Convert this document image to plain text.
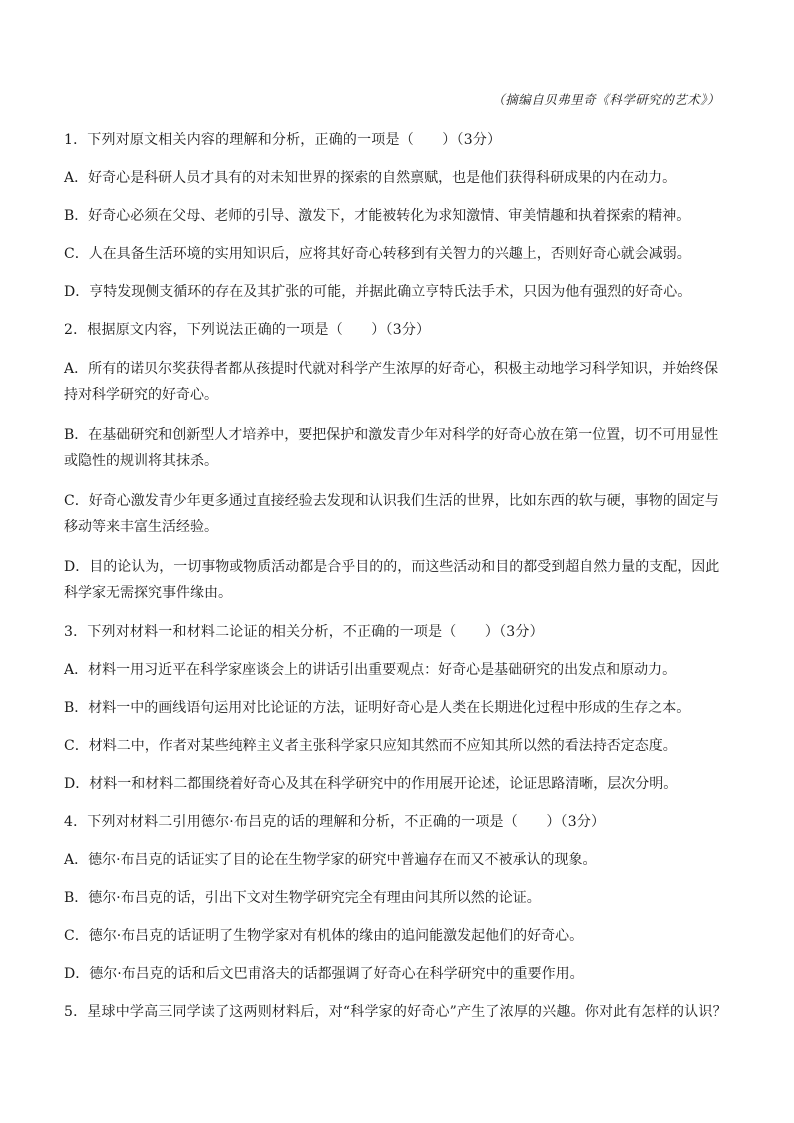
（摘编自贝弗里奇《科学研究的艺术》）
1．下列对原文相关内容的理解和分析，正确的一项是（　　）（3分）
A．好奇心是科研人员才具有的对未知世界的探索的自然禀赋，也是他们获得科研成果的内在动力。
B．好奇心必须在父母、老师的引导、激发下，才能被转化为求知激情、审美情趣和执着探索的精神。
C．人在具备生活环境的实用知识后，应将其好奇心转移到有关智力的兴趣上，否则好奇心就会减弱。
D．亨特发现侧支循环的存在及其扩张的可能，并据此确立亨特氏法手术，只因为他有强烈的好奇心。
2．根据原文内容，下列说法正确的一项是（　　）（3分）
A．所有的诺贝尔奖获得者都从孩提时代就对科学产生浓厚的好奇心，积极主动地学习科学知识，并始终保持对科学研究的好奇心。
B．在基础研究和创新型人才培养中，要把保护和激发青少年对科学的好奇心放在第一位置，切不可用显性或隐性的规训将其抹杀。
C．好奇心激发青少年更多通过直接经验去发现和认识我们生活的世界，比如东西的软与硬，事物的固定与移动等来丰富生活经验。
D．目的论认为，一切事物或物质活动都是合乎目的的，而这些活动和目的都受到超自然力量的支配，因此科学家无需探究事件缘由。
3．下列对材料一和材料二论证的相关分析，不正确的一项是（　　）（3分）
A．材料一用习近平在科学家座谈会上的讲话引出重要观点：好奇心是基础研究的出发点和原动力。
B．材料一中的画线语句运用对比论证的方法，证明好奇心是人类在长期进化过程中形成的生存之本。
C．材料二中，作者对某些纯粹主义者主张科学家只应知其然而不应知其所以然的看法持否定态度。
D．材料一和材料二都围绕着好奇心及其在科学研究中的作用展开论述，论证思路清晰，层次分明。
4．下列对材料二引用德尔·布吕克的话的理解和分析，不正确的一项是（　　）（3分）
A．德尔·布吕克的话证实了目的论在生物学家的研究中普遍存在而又不被承认的现象。
B．德尔·布吕克的话，引出下文对生物学研究完全有理由问其所以然的论证。
C．德尔·布吕克的话证明了生物学家对有机体的缘由的追问能激发起他们的好奇心。
D．德尔·布吕克的话和后文巴甫洛夫的话都强调了好奇心在科学研究中的重要作用。
5．星球中学高三同学读了这两则材料后，对“科学家的好奇心”产生了浓厚的兴趣。你对此有怎样的认识？
